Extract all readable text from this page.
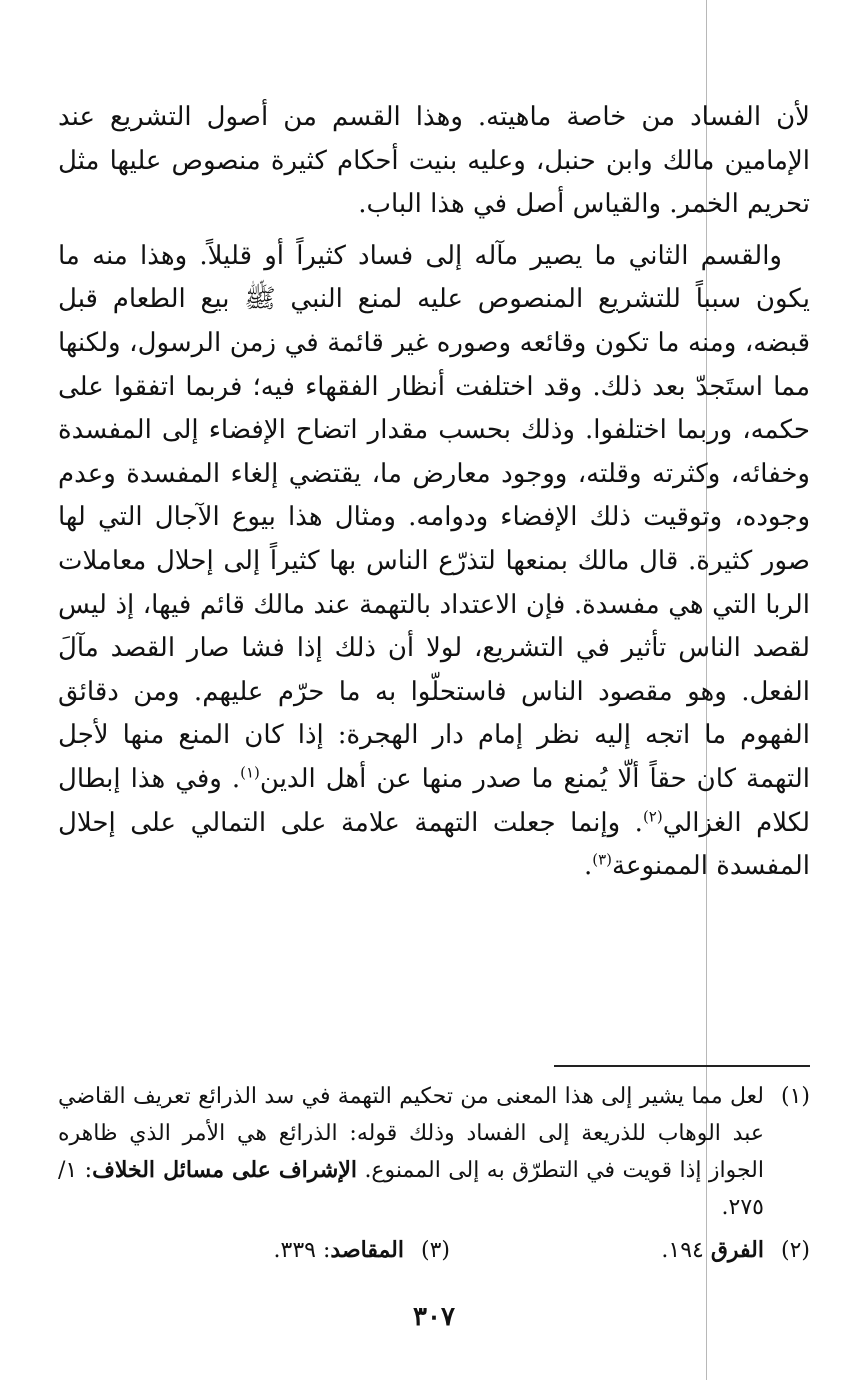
لأن الفساد من خاصة ماهيته. وهذا القسم من أصول التشريع عند الإمامين مالك وابن حنبل، وعليه بنيت أحكام كثيرة منصوص عليها مثل تحريم الخمر. والقياس أصل في هذا الباب.

والقسم الثاني ما يصير مآله إلى فساد كثيراً أو قليلاً. وهذا منه ما يكون سبباً للتشريع المنصوص عليه لمنع النبي ﷺ بيع الطعام قبل قبضه، ومنه ما تكون وقائعه وصوره غير قائمة في زمن الرسول، ولكنها مما استَجدّ بعد ذلك. وقد اختلفت أنظار الفقهاء فيه؛ فربما اتفقوا على حكمه، وربما اختلفوا. وذلك بحسب مقدار اتضاح الإفضاء إلى المفسدة وخفائه، وكثرته وقلته، ووجود معارض ما، يقتضي إلغاء المفسدة وعدم وجوده، وتوقيت ذلك الإفضاء ودوامه. ومثال هذا بيوع الآجال التي لها صور كثيرة. قال مالك بمنعها لتذرّع الناس بها كثيراً إلى إحلال معاملات الربا التي هي مفسدة. فإن الاعتداد بالتهمة عند مالك قائم فيها، إذ ليس لقصد الناس تأثير في التشريع، لولا أن ذلك إذا فشا صار القصد مآلَ الفعل. وهو مقصود الناس فاستحلّوا به ما حرّم عليهم. ومن دقائق الفهوم ما اتجه إليه نظر إمام دار الهجرة: إذا كان المنع منها لأجل التهمة كان حقاً ألّا يُمنع ما صدر منها عن أهل الدين$^{(١)}$. وفي هذا إبطال لكلام الغزالي$^{(٢)}$. وإنما جعلت التهمة علامة على التمالي على إحلال المفسدة الممنوعة$^{(٣)}$.

(١)
لعل مما يشير إلى هذا المعنى من تحكيم التهمة في سد الذرائع تعريف القاضي عبد الوهاب للذريعة إلى الفساد وذلك قوله: الذرائع هي الأمر الذي ظاهره الجواز إذا قويت في التطرّق به إلى الممنوع. الإشراف على مسائل الخلاف: ١/ ٢٧٥.
(٢)
الفرق ١٩٤.
(٣)
المقاصد: ٣٣٩.
٣٠٧
